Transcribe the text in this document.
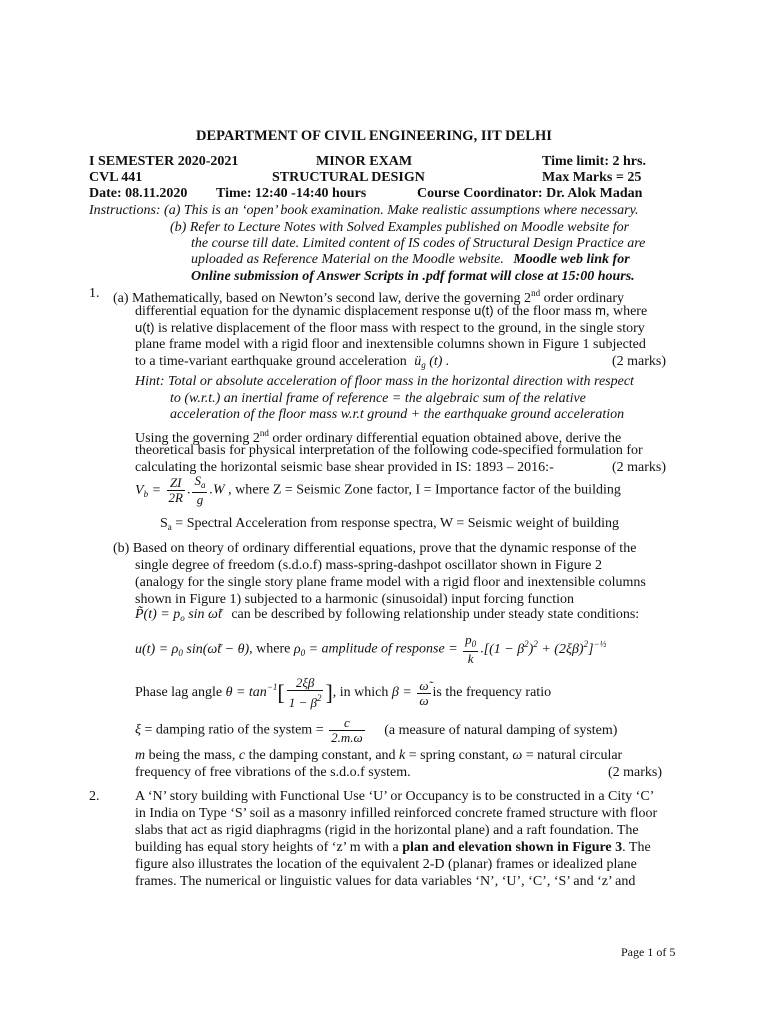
DEPARTMENT OF CIVIL ENGINEERING, IIT DELHI
I SEMESTER 2020-2021	MINOR EXAM	Time limit: 2 hrs.
CVL 441	STRUCTURAL DESIGN	Max Marks = 25
Date: 08.11.2020 Time: 12:40 -14:40 hours	Course Coordinator: Dr. Alok Madan
Instructions: (a) This is an ‘open’ book examination. Make realistic assumptions where necessary.
(b) Refer to Lecture Notes with Solved Examples published on Moodle website for
the course till date. Limited content of IS codes of Structural Design Practice are
uploaded as Reference Material on the Moodle website. Moodle web link for
Online submission of Answer Scripts in .pdf format will close at 15:00 hours.
1. (a) Mathematically, based on Newton’s second law, derive the governing 2nd order ordinary
differential equation for the dynamic displacement response u(t) of the floor mass m, where
u(t) is relative displacement of the floor mass with respect to the ground, in the single story
plane frame model with a rigid floor and inextensible columns shown in Figure 1 subjected
to a time-variant earthquake ground acceleration $ü_g$ (t) .	(2 marks)
Hint: Total or absolute acceleration of floor mass in the horizontal direction with respect
to (w.r.t.) an inertial frame of reference = the algebraic sum of the relative
acceleration of the floor mass w.r.t ground + the earthquake ground acceleration
Using the governing 2nd order ordinary differential equation obtained above, derive the
theoretical basis for physical interpretation of the following code-specified formulation for
calculating the horizontal seismic base shear provided in IS: 1893 – 2016:-	(2 marks)
$V_b = \frac{ZI}{2R}$ . $\frac{S_a}{g} .W$ , where Z = Seismic Zone factor, I = Importance factor of the building
$S_a$ = Spectral Acceleration from response spectra, W = Seismic weight of building
(b) Based on theory of ordinary differential equations, prove that the dynamic response of the
single degree of freedom (s.d.o.f) mass-spring-dashpot oscillator shown in Figure 2
(analogy for the single story plane frame model with a rigid floor and inextensible columns
shown in Figure 1) subjected to a harmonic (sinusoidal) input forcing function
P̃(t) = $p_o$ sin ω̃t can be described by following relationship under steady state conditions:
$u(t) = \rho_0$ sin(ω̃t − θ), where $\rho_0$ = amplitude of response = $\frac{p_0}{k} .[(1 - \beta^2)^2 + (2\xi\beta)^2]^{-\frac{1}{2}}$
Phase lag angle $\theta = \tan^{-1}[ \frac{2\xi\beta}{1 - \beta^2}$ ], in which $\beta = \frac{\omegã}{\omega}$ is the frequency ratio
ξ = damping ratio of the system = $\frac{c}{2.m.\omega} (a$ measure of natural damping of system)
m being the mass, c the damping constant, and k = spring constant, ω = natural circular
frequency of free vibrations of the s.d.o.f system.	(2 marks)
2.	A ‘N’ story building with Functional Use ‘U’ or Occupancy is to be constructed in a City ‘C’
in India on Type ‘S’ soil as a masonry infilled reinforced concrete framed structure with floor
slabs that act as rigid diaphragms (rigid in the horizontal plane) and a raft foundation. The
building has equal story heights of ‘z’ m with a plan and elevation shown in Figure 3. The
figure also illustrates the location of the equivalent 2-D (planar) frames or idealized plane
frames. The numerical or linguistic values for data variables ‘N’, ‘U’, ‘C’, ‘S’ and ‘z’ and
Page 1 of 5
